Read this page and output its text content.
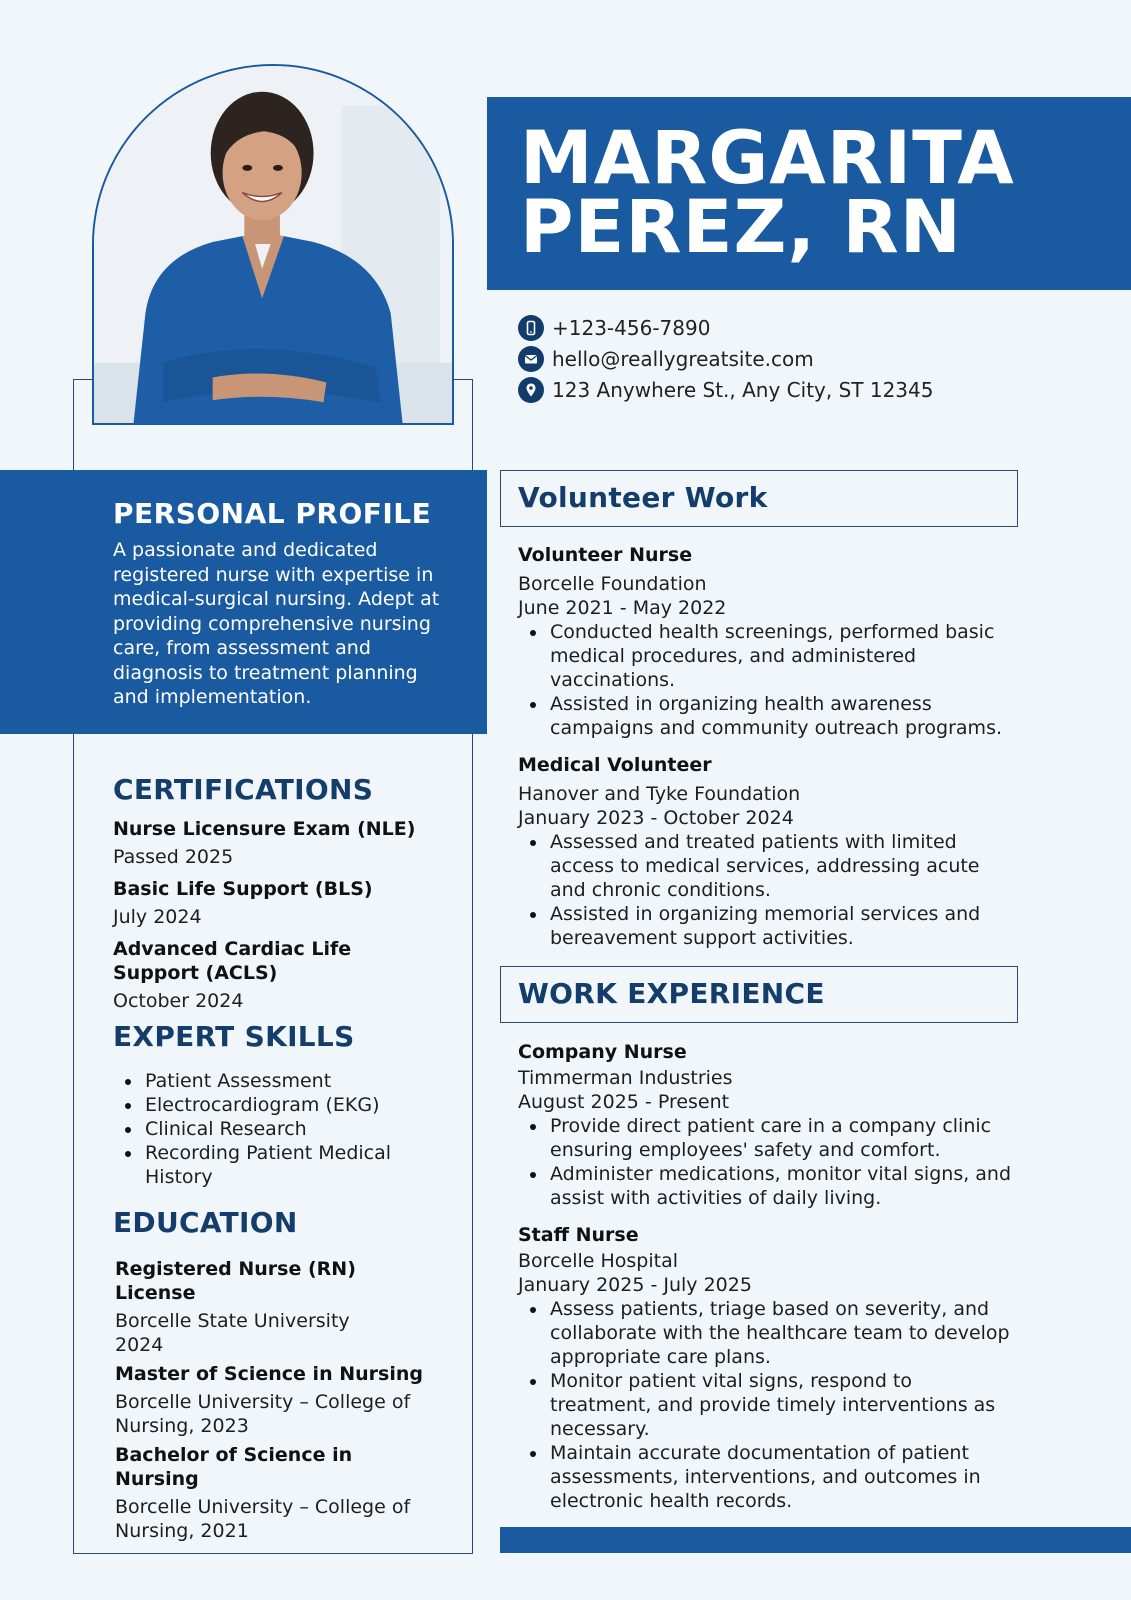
MARGARITA
PEREZ, RN
+123-456-7890
hello@reallygreatsite.com
123 Anywhere St., Any City, ST 12345
PERSONAL PROFILE
A passionate and dedicated registered nurse with expertise in medical-surgical nursing. Adept at providing comprehensive nursing care, from assessment and diagnosis to treatment planning and implementation.
CERTIFICATIONS
Nurse Licensure Exam (NLE)
Passed 2025
Basic Life Support (BLS)
July 2024
Advanced Cardiac Life Support (ACLS)
October 2024
EXPERT SKILLS
Patient Assessment
Electrocardiogram (EKG)
Clinical Research
Recording Patient Medical History
EDUCATION
Registered Nurse (RN) License
Borcelle State University
2024
Master of Science in Nursing
Borcelle University – College of Nursing, 2023
Bachelor of Science in Nursing
Borcelle University – College of Nursing, 2021
Volunteer Work
Volunteer Nurse
Borcelle Foundation
June 2021 - May 2022
Conducted health screenings, performed basic medical procedures, and administered vaccinations.
Assisted in organizing health awareness campaigns and community outreach programs.
Medical Volunteer
Hanover and Tyke Foundation
January 2023 - October 2024
Assessed and treated patients with limited access to medical services, addressing acute and chronic conditions.
Assisted in organizing memorial services and bereavement support activities.
WORK EXPERIENCE
Company Nurse
Timmerman Industries
August 2025 - Present
Provide direct patient care in a company clinic ensuring employees' safety and comfort.
Administer medications, monitor vital signs, and assist with activities of daily living.
Staff Nurse
Borcelle Hospital
January 2025 - July 2025
Assess patients, triage based on severity, and collaborate with the healthcare team to develop appropriate care plans.
Monitor patient vital signs, respond to treatment, and provide timely interventions as necessary.
Maintain accurate documentation of patient assessments, interventions, and outcomes in electronic health records.
